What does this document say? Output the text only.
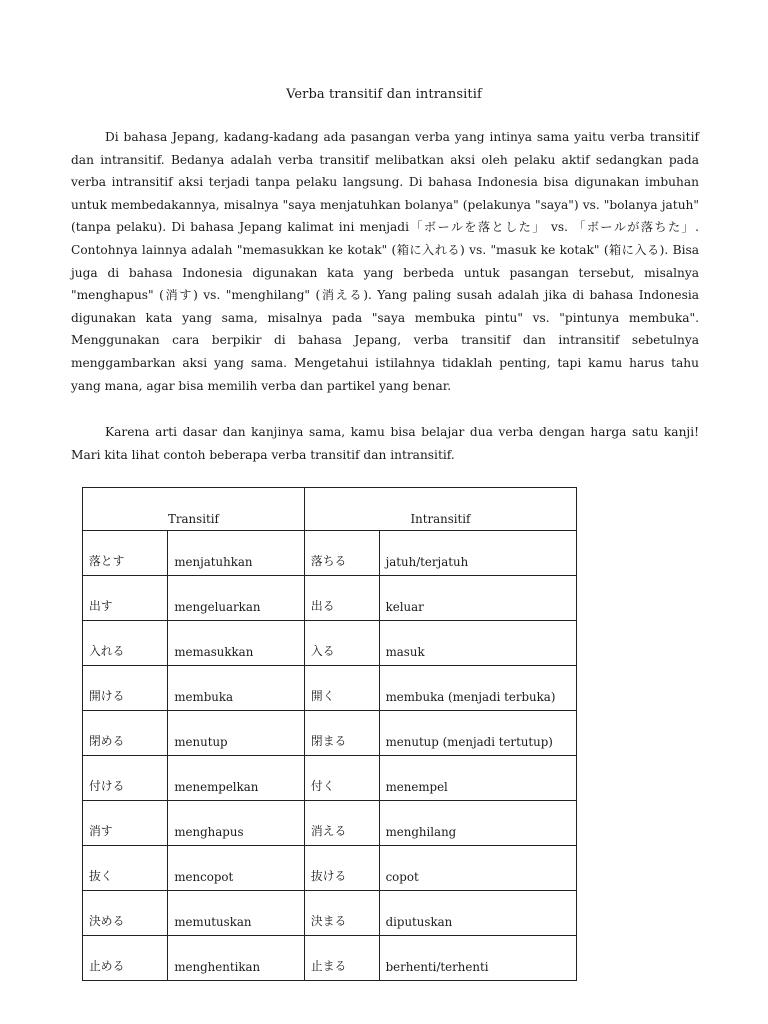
Verba transitif dan intransitif

Di bahasa Jepang, kadang-kadang ada pasangan verba yang intinya sama yaitu verba transitif dan intransitif. Bedanya adalah verba transitif melibatkan aksi oleh pelaku aktif sedangkan pada verba intransitif aksi terjadi tanpa pelaku langsung. Di bahasa Indonesia bisa digunakan imbuhan untuk membedakannya, misalnya "saya menjatuhkan bolanya" (pelakunya "saya") vs. "bolanya jatuh" (tanpa pelaku). Di bahasa Jepang kalimat ini menjadi「ボールを落とした」 vs. 「ボールが落ちた」. Contohnya lainnya adalah "memasukkan ke kotak" (箱に入れる) vs. "masuk ke kotak" (箱に入る). Bisa juga di bahasa Indonesia digunakan kata yang berbeda untuk pasangan tersebut, misalnya "menghapus" (消す) vs. "menghilang" (消える). Yang paling susah adalah jika di bahasa Indonesia digunakan kata yang sama, misalnya pada "saya membuka pintu" vs. "pintunya membuka". Menggunakan cara berpikir di bahasa Jepang, verba transitif dan intransitif sebetulnya menggambarkan aksi yang sama. Mengetahui istilahnya tidaklah penting, tapi kamu harus tahu yang mana, agar bisa memilih verba dan partikel yang benar.

Karena arti dasar dan kanjinya sama, kamu bisa belajar dua verba dengan harga satu kanji! Mari kita lihat contoh beberapa verba transitif dan intransitif.

Transitif		Intransitif	
落とす	menjatuhkan	落ちる	jatuh/terjatuh
出す	mengeluarkan	出る	keluar
入れる	memasukkan	入る	masuk
開ける	membuka	開く	membuka (menjadi terbuka)
閉める	menutup	閉まる	menutup (menjadi tertutup)
付ける	menempelkan	付く	menempel
消す	menghapus	消える	menghilang
抜く	mencopot	抜ける	copot
決める	memutuskan	決まる	diputuskan
止める	menghentikan	止まる	berhenti/terhenti
